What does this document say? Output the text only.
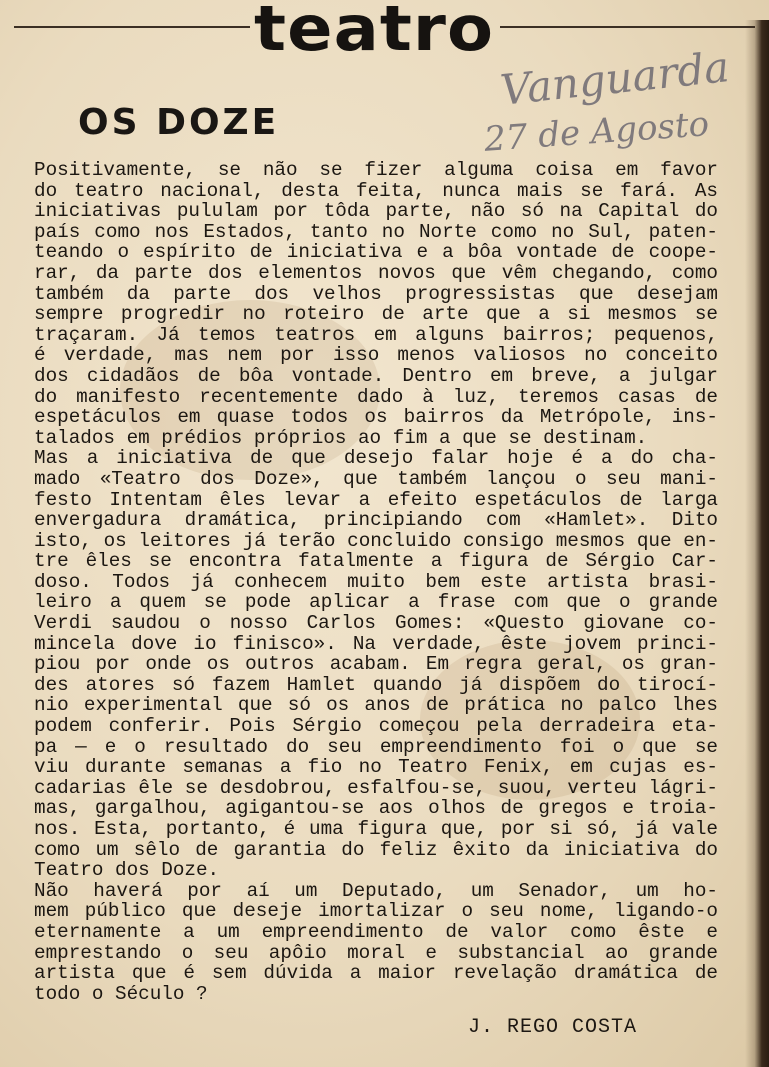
teatro
Vanguarda
27 de Agosto
OS DOZE
Positivamente, se não se fizer alguma coisa em favor
do teatro nacional, desta feita, nunca mais se fará. As
iniciativas pululam por tôda parte, não só na Capital do
país como nos Estados, tanto no Norte como no Sul, paten-
teando o espírito de iniciativa e a bôa vontade de coope-
rar, da parte dos elementos novos que vêm chegando, como
também da parte dos velhos progressistas que desejam
sempre progredir no roteiro de arte que a si mesmos se
traçaram. Já temos teatros em alguns bairros; pequenos,
é verdade, mas nem por isso menos valiosos no conceito
dos cidadãos de bôa vontade. Dentro em breve, a julgar
do manifesto recentemente dado à luz, teremos casas de
espetáculos em quase todos os bairros da Metrópole, ins-
talados em prédios próprios ao fim a que se destinam.
Mas a iniciativa de que desejo falar hoje é a do cha-
mado «Teatro dos Doze», que também lançou o seu mani-
festo Intentam êles levar a efeito espetáculos de larga
envergadura dramática, principiando com «Hamlet». Dito
isto, os leitores já terão concluido consigo mesmos que en-
tre êles se encontra fatalmente a figura de Sérgio Car-
doso. Todos já conhecem muito bem este artista brasi-
leiro a quem se pode aplicar a frase com que o grande
Verdi saudou o nosso Carlos Gomes: «Questo giovane co-
mincela dove io finisco». Na verdade, êste jovem princi-
piou por onde os outros acabam. Em regra geral, os gran-
des atores só fazem Hamlet quando já dispõem do tirocí-
nio experimental que só os anos de prática no palco lhes
podem conferir. Pois Sérgio começou pela derradeira eta-
pa — e o resultado do seu empreendimento foi o que se
viu durante semanas a fio no Teatro Fenix, em cujas es-
cadarias êle se desdobrou, esfalfou-se, suou, verteu lágri-
mas, gargalhou, agigantou-se aos olhos de gregos e troia-
nos. Esta, portanto, é uma figura que, por si só, já vale
como um sêlo de garantia do feliz êxito da iniciativa do
Teatro dos Doze.
Não haverá por aí um Deputado, um Senador, um ho-
mem público que deseje imortalizar o seu nome, ligando-o
eternamente a um empreendimento de valor como êste e
emprestando o seu apôio moral e substancial ao grande
artista que é sem dúvida a maior revelação dramática de
todo o Século ?
J. REGO COSTA
